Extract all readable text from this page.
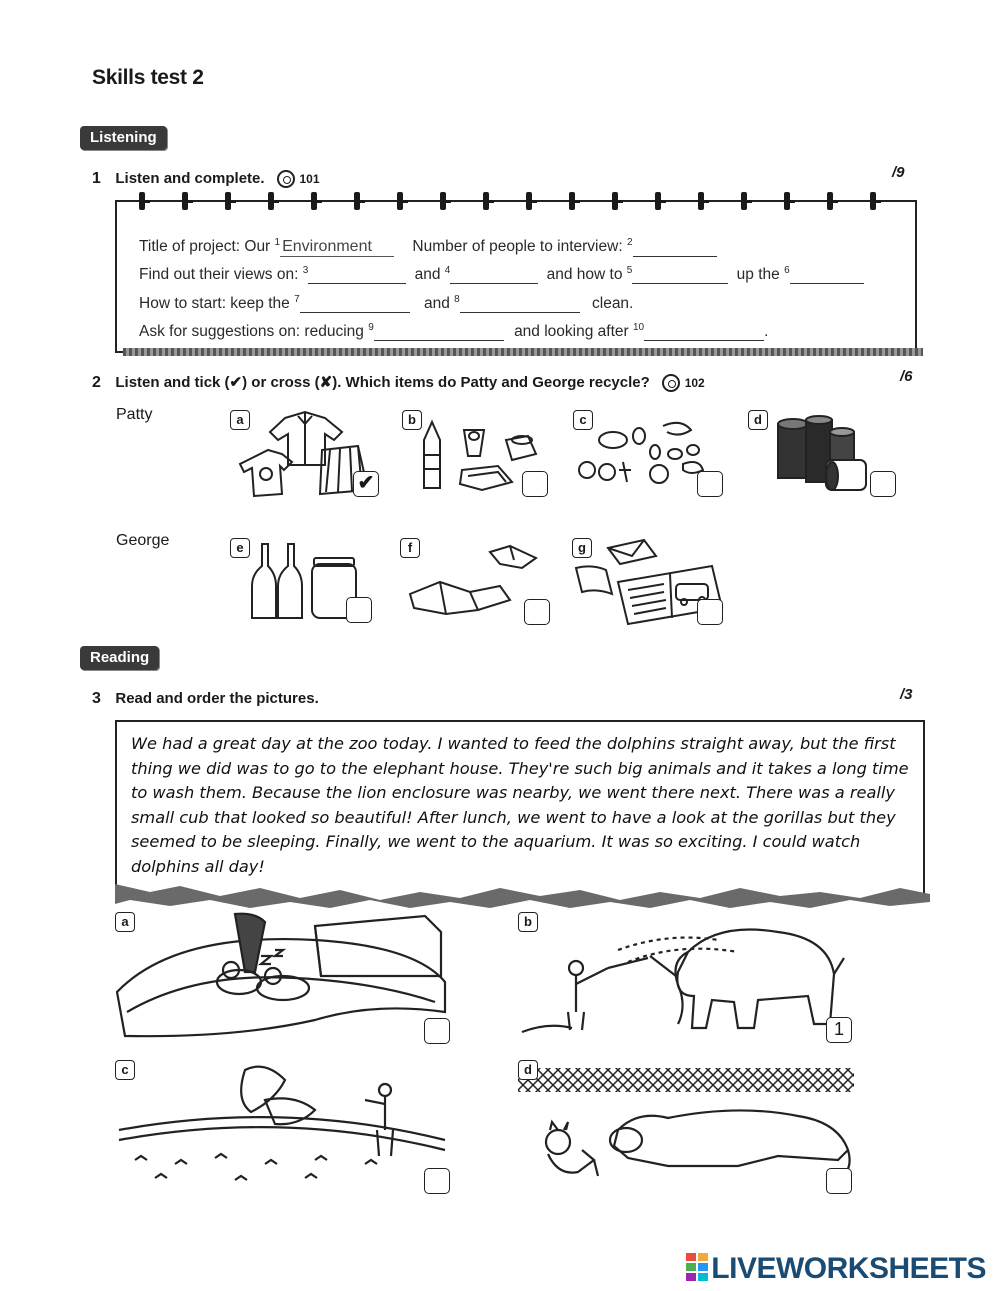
Skills test 2
Listening
1 Listen and complete.	101	/9
Title of project: Our $^1$Environment	Number of people to interview: $^2$
Find out their views on: $^3$	and $^4$	and how to $^5$	up the $^6$
How to start: keep the $^7$	and $^8$	clean.
Ask for suggestions on: reducing $^9$	and looking after $^{10}$	.
2 Listen and tick (✔) or cross (✘). Which items do Patty and George recycle?	102	/6
Patty
George
a
✔
b	c	d
e	f	g
Reading
3 Read and order the pictures.	/3
We had a great day at the zoo today. I wanted to feed the dolphins straight away, but the first thing we did was to go to the elephant house. They're such big animals and it takes a long time to wash them. Because the lion enclosure was nearby, we went there next. There was a really small cub that looked so beautiful! After lunch, we went to have a look at the gorillas but they seemed to be sleeping. Finally, we went to the aquarium. It was so exciting. I could watch dolphins all day!
a	b
1
c	d
LIVEWORKSHEETS
